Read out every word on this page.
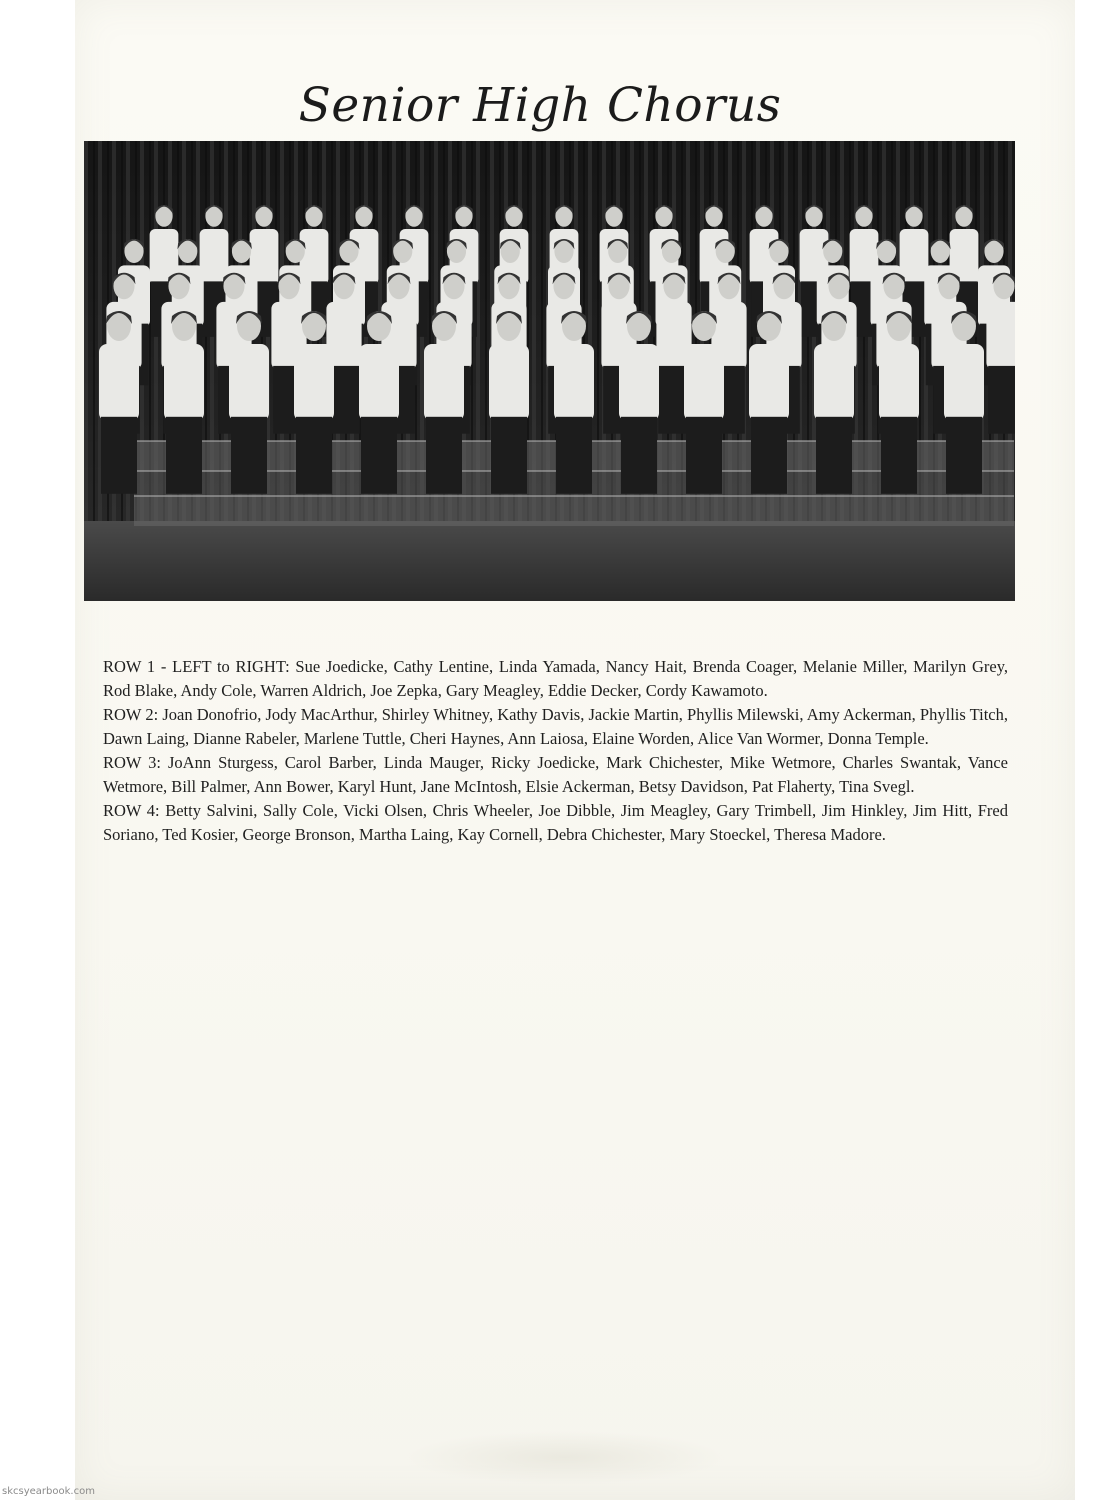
Senior High Chorus

ROW 1 - LEFT to RIGHT: Sue Joedicke, Cathy Lentine, Linda Yamada, Nancy Hait, Brenda Coager, Melanie Miller, Marilyn Grey, Rod Blake, Andy Cole, Warren Aldrich, Joe Zepka, Gary Meagley, Eddie Decker, Cordy Kawamoto.

ROW 2: Joan Donofrio, Jody MacArthur, Shirley Whitney, Kathy Davis, Jackie Martin, Phyllis Milewski, Amy Ackerman, Phyllis Titch, Dawn Laing, Dianne Rabeler, Marlene Tuttle, Cheri Haynes, Ann Laiosa, Elaine Worden, Alice Van Wormer, Donna Temple.

ROW 3: JoAnn Sturgess, Carol Barber, Linda Mauger, Ricky Joedicke, Mark Chichester, Mike Wetmore, Charles Swantak, Vance Wetmore, Bill Palmer, Ann Bower, Karyl Hunt, Jane McIntosh, Elsie Ackerman, Betsy Davidson, Pat Flaherty, Tina Svegl.

ROW 4: Betty Salvini, Sally Cole, Vicki Olsen, Chris Wheeler, Joe Dibble, Jim Meagley, Gary Trimbell, Jim Hinkley, Jim Hitt, Fred Soriano, Ted Kosier, George Bronson, Martha Laing, Kay Cornell, Debra Chichester, Mary Stoeckel, Theresa Madore.

skcsyearbook.com
